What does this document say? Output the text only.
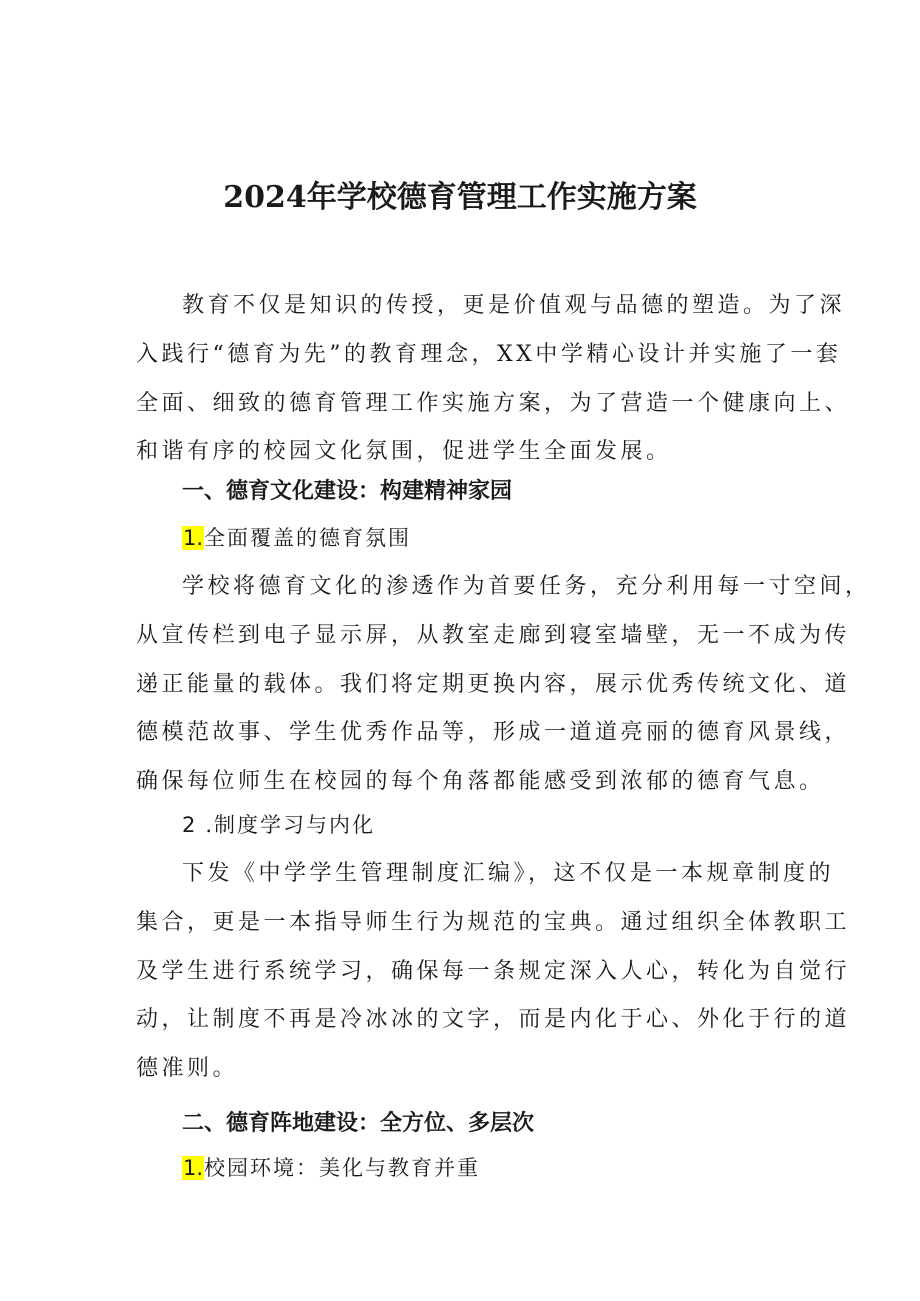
2024年学校德育管理工作实施方案

教育不仅是知识的传授，更是价值观与品德的塑造。为了深
入践行“德育为先”的教育理念，XX中学精心设计并实施了一套
全面、细致的德育管理工作实施方案，为了营造一个健康向上、
和谐有序的校园文化氛围，促进学生全面发展。

一、德育文化建设：构建精神家园
1.全面覆盖的德育氛围

学校将德育文化的渗透作为首要任务，充分利用每一寸空间，
从宣传栏到电子显示屏，从教室走廊到寝室墙壁，无一不成为传
递正能量的载体。我们将定期更换内容，展示优秀传统文化、道
德模范故事、学生优秀作品等，形成一道道亮丽的德育风景线，
确保每位师生在校园的每个角落都能感受到浓郁的德育气息。

2 .制度学习与内化

下发《中学学生管理制度汇编》，这不仅是一本规章制度的
集合，更是一本指导师生行为规范的宝典。通过组织全体教职工
及学生进行系统学习，确保每一条规定深入人心，转化为自觉行
动，让制度不再是冷冰冰的文字，而是内化于心、外化于行的道
德准则。

二、德育阵地建设：全方位、多层次
1.校园环境：美化与教育并重
